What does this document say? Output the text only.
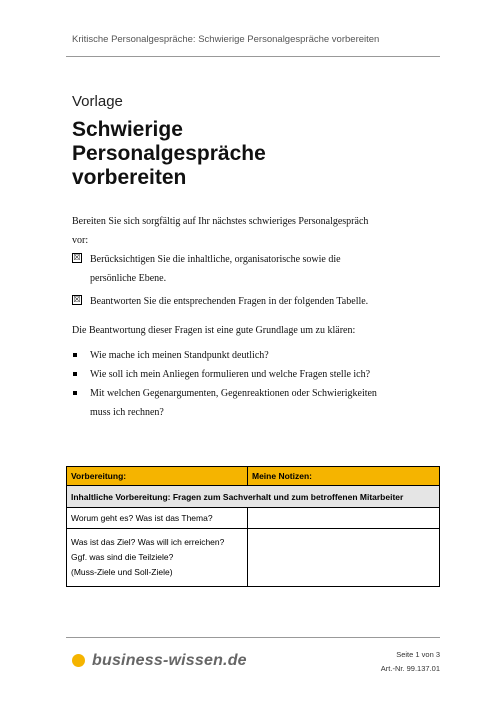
Kritische Personalgespräche: Schwierige Personalgespräche vorbereiten
Vorlage
Schwierige
Personalgespräche
vorbereiten
Bereiten Sie sich sorgfältig auf Ihr nächstes schwieriges Personalgespräch
vor:
☒ Berücksichtigen Sie die inhaltliche, organisatorische sowie die
persönliche Ebene.
☒ Beantworten Sie die entsprechenden Fragen in der folgenden Tabelle.
Die Beantwortung dieser Fragen ist eine gute Grundlage um zu klären:
Wie mache ich meinen Standpunkt deutlich?
Wie soll ich mein Anliegen formulieren und welche Fragen stelle ich?
Mit welchen Gegenargumenten, Gegenreaktionen oder Schwierigkeiten
muss ich rechnen?
Vorbereitung:	Meine Notizen:
Inhaltliche Vorbereitung: Fragen zum Sachverhalt und zum betroffenen Mitarbeiter	
Worum geht es? Was ist das Thema?	

Was ist das Ziel? Was will ich erreichen?
Ggf. was sind die Teilziele?
(Muss-Ziele und Soll-Ziele)	

business-wissen.de	Seite 1 von 3
Art.-Nr. 99.137.01
